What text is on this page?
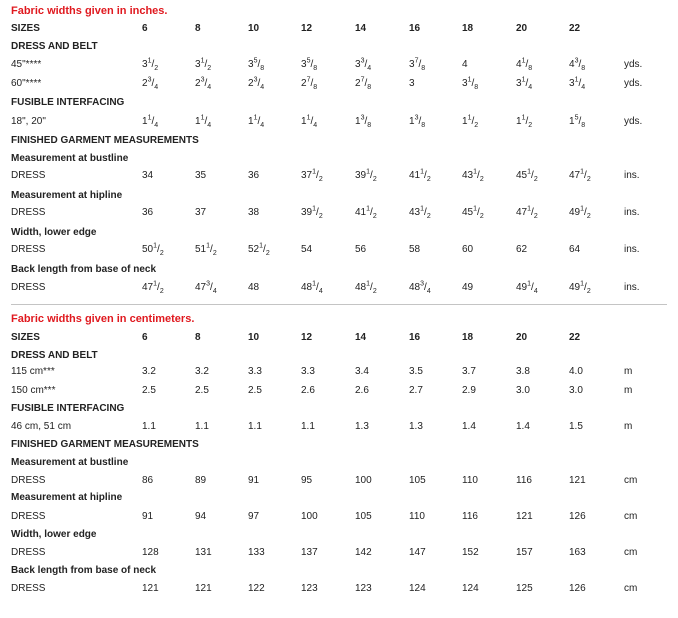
Fabric widths given in inches.
SIZES	6	8	10	12	14	16	18	20	22
DRESS AND BELT
45"****	$3^1/_2$	$3^1/_2$	$3^5/_8$	$3^5/_8$	$3^3/_4$	$3^7/_8$	4	$4^1/_8$	$4^3/_8$	yds.
60"****	$2^3/_4$	$2^3/_4$	$2^3/_4$	$2^7/_8$	$2^7/_8$	3	$3^1/_8$	$3^1/_4$	$3^1/_4$	yds.
FUSIBLE INTERFACING
18", 20"	$1^1/_4$	$1^1/_4$	$1^1/_4$	$1^1/_4$	$1^3/_8$	$1^3/_8$	$1^1/_2$	$1^1/_2$	$1^5/_8$	yds.
FINISHED GARMENT MEASUREMENTS
Measurement at bustline
DRESS	34	35	36	$37^1/_2$	$39^1/_2$	$41^1/_2$	$43^1/_2$	$45^1/_2$	$47^1/_2$	ins.
Measurement at hipline
DRESS	36	37	38	$39^1/_2$	$41^1/_2$	$43^1/_2$	$45^1/_2$	$47^1/_2$	$49^1/_2$	ins.
Width, lower edge
DRESS	$50^1/_2$	$51^1/_2$	$52^1/_2$	54	56	58	60	62	64	ins.
Back length from base of neck
DRESS	$47^1/_2$	$47^3/_4$	48	$48^1/_4$	$48^1/_2$	$48^3/_4$	49	$49^1/_4$	$49^1/_2$	ins.
Fabric widths given in centimeters.
SIZES	6	8	10	12	14	16	18	20	22
DRESS AND BELT
115 cm***	3.2	3.2	3.3	3.3	3.4	3.5	3.7	3.8	4.0	m
150 cm***	2.5	2.5	2.5	2.6	2.6	2.7	2.9	3.0	3.0	m
FUSIBLE INTERFACING
46 cm, 51 cm	1.1	1.1	1.1	1.1	1.3	1.3	1.4	1.4	1.5	m
FINISHED GARMENT MEASUREMENTS
Measurement at bustline
DRESS	86	89	91	95	100	105	110	116	121	cm
Measurement at hipline
DRESS	91	94	97	100	105	110	116	121	126	cm
Width, lower edge
DRESS	128	131	133	137	142	147	152	157	163	cm
Back length from base of neck
DRESS	121	121	122	123	123	124	124	125	126	cm
